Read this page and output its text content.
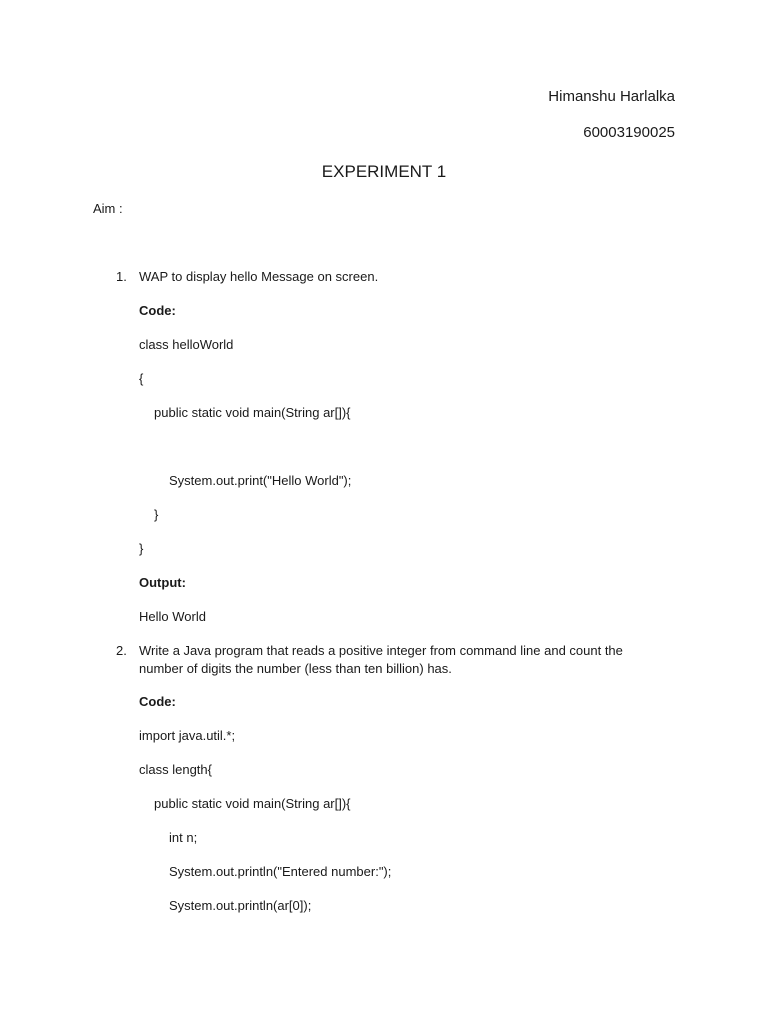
Himanshu Harlalka
60003190025
EXPERIMENT 1
Aim :
1. WAP to display hello Message on screen.
Code:
class helloWorld
{
public static void main(String ar[]){
System.out.print("Hello World");
}
}
Output:
Hello World
2. Write a Java program that reads a positive integer from command line and count the number of digits the number (less than ten billion) has.
Code:
import java.util.*;
class length{
public static void main(String ar[]){
int n;
System.out.println("Entered number:");
System.out.println(ar[0]);
